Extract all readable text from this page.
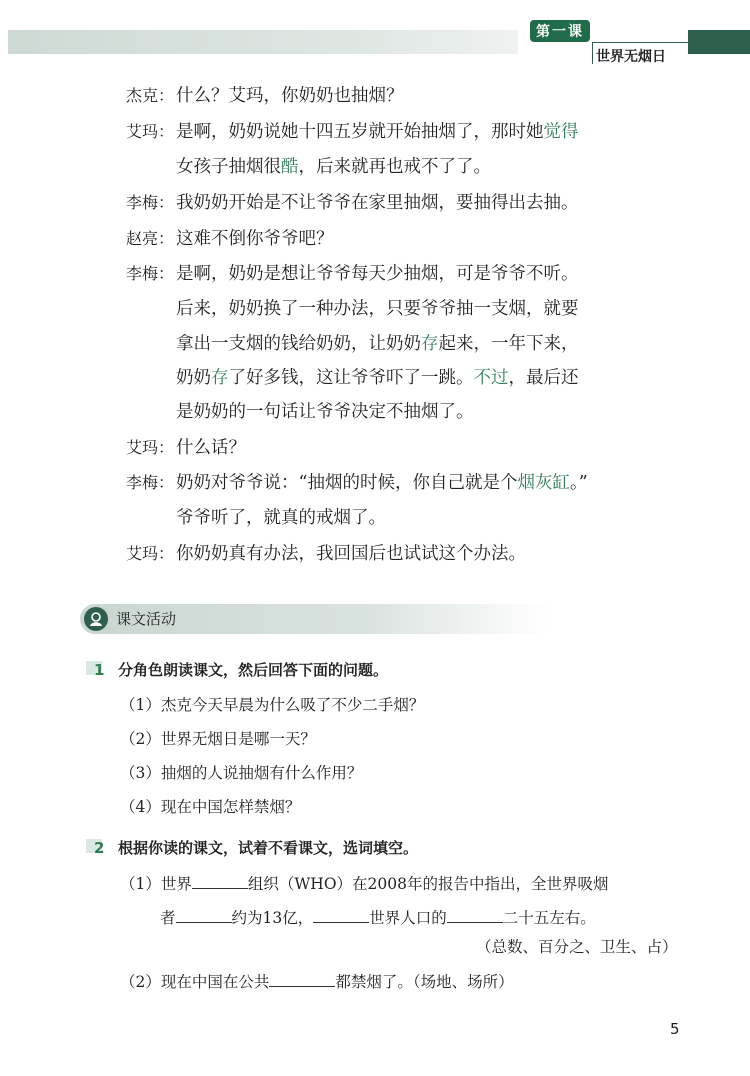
第一课
世界无烟日
杰克： 什么？艾玛，你奶奶也抽烟？
艾玛： 是啊，奶奶说她十四五岁就开始抽烟了，那时她觉得
女孩子抽烟很酷，后来就再也戒不了了。
李梅： 我奶奶开始是不让爷爷在家里抽烟，要抽得出去抽。
赵亮： 这难不倒你爷爷吧？
李梅： 是啊，奶奶是想让爷爷每天少抽烟，可是爷爷不听。
后来，奶奶换了一种办法，只要爷爷抽一支烟，就要
拿出一支烟的钱给奶奶，让奶奶存起来，一年下来，
奶奶存了好多钱，这让爷爷吓了一跳。不过，最后还
是奶奶的一句话让爷爷决定不抽烟了。
艾玛： 什么话？
李梅： 奶奶对爷爷说：“抽烟的时候，你自己就是个烟灰缸。”
爷爷听了，就真的戒烟了。
艾玛： 你奶奶真有办法，我回国后也试试这个办法。
课文活动
1 分角色朗读课文，然后回答下面的问题。
（1）杰克今天早晨为什么吸了不少二手烟？
（2）世界无烟日是哪一天？
（3）抽烟的人说抽烟有什么作用？
（4）现在中国怎样禁烟？
2 根据你读的课文，试着不看课文，选词填空。
（1）世界	组织（WHO）在2008年的报告中指出，全世界吸烟
者	约为13亿，	世界人口的	二十五左右。
（总数、百分之、卫生、占）
（2）现在中国在公共	都禁烟了。（场地、场所）
5
